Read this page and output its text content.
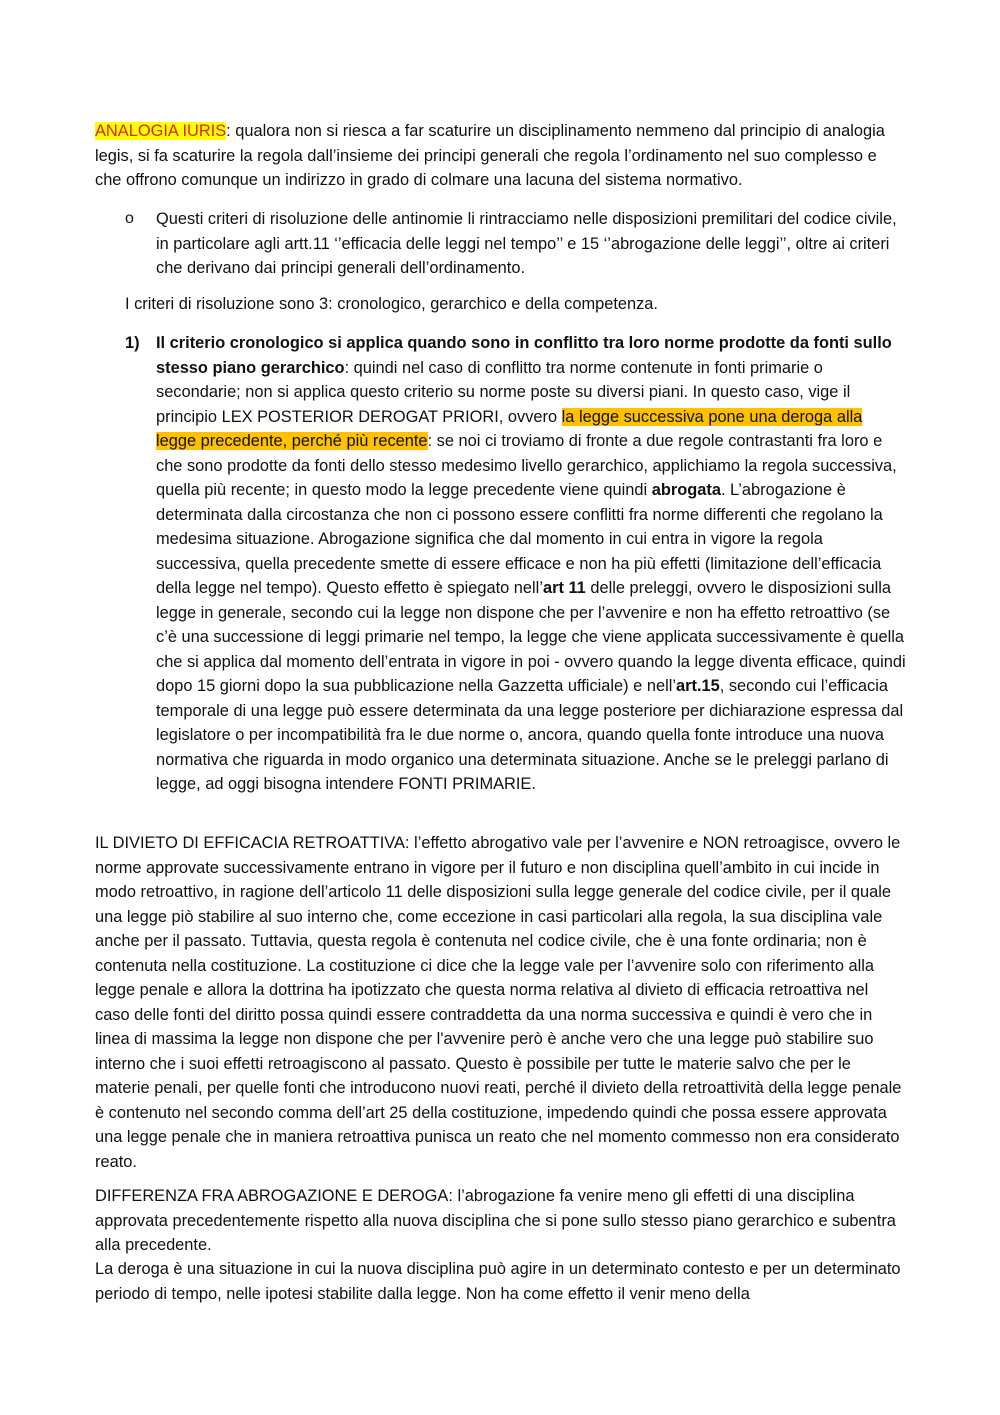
ANALOGIA IURIS: qualora non si riesca a far scaturire un disciplinamento nemmeno dal principio di analogia legis, si fa scaturire la regola dall’insieme dei principi generali che regola l’ordinamento nel suo complesso e che offrono comunque un indirizzo in grado di colmare una lacuna del sistema normativo.

o Questi criteri di risoluzione delle antinomie li rintracciamo nelle disposizioni premilitari del codice civile, in particolare agli artt.11 ‘’efficacia delle leggi nel tempo’’ e 15 ‘’abrogazione delle leggi’’, oltre ai criteri che derivano dai principi generali dell’ordinamento.

I criteri di risoluzione sono 3: cronologico, gerarchico e della competenza.

1) Il criterio cronologico si applica quando sono in conflitto tra loro norme prodotte da fonti sullo stesso piano gerarchico: quindi nel caso di conflitto tra norme contenute in fonti primarie o secondarie; non si applica questo criterio su norme poste su diversi piani. In questo caso, vige il principio LEX POSTERIOR DEROGAT PRIORI, ovvero la legge successiva pone una deroga alla legge precedente, perché più recente: se noi ci troviamo di fronte a due regole contrastanti fra loro e che sono prodotte da fonti dello stesso medesimo livello gerarchico, applichiamo la regola successiva, quella più recente; in questo modo la legge precedente viene quindi abrogata. L’abrogazione è determinata dalla circostanza che non ci possono essere conflitti fra norme differenti che regolano la medesima situazione. Abrogazione significa che dal momento in cui entra in vigore la regola successiva, quella precedente smette di essere efficace e non ha più effetti (limitazione dell’efficacia della legge nel tempo). Questo effetto è spiegato nell’art 11 delle preleggi, ovvero le disposizioni sulla legge in generale, secondo cui la legge non dispone che per l’avvenire e non ha effetto retroattivo (se c’è una successione di leggi primarie nel tempo, la legge che viene applicata successivamente è quella che si applica dal momento dell’entrata in vigore in poi - ovvero quando la legge diventa efficace, quindi dopo 15 giorni dopo la sua pubblicazione nella Gazzetta ufficiale) e nell’art.15, secondo cui l’efficacia temporale di una legge può essere determinata da una legge posteriore per dichiarazione espressa dal legislatore o per incompatibilità fra le due norme o, ancora, quando quella fonte introduce una nuova normativa che riguarda in modo organico una determinata situazione. Anche se le preleggi parlano di legge, ad oggi bisogna intendere FONTI PRIMARIE.

IL DIVIETO DI EFFICACIA RETROATTIVA: l’effetto abrogativo vale per l’avvenire e NON retroagisce, ovvero le norme approvate successivamente entrano in vigore per il futuro e non disciplina quell’ambito in cui incide in modo retroattivo, in ragione dell’articolo 11 delle disposizioni sulla legge generale del codice civile, per il quale una legge piò stabilire al suo interno che, come eccezione in casi particolari alla regola, la sua disciplina vale anche per il passato. Tuttavia, questa regola è contenuta nel codice civile, che è una fonte ordinaria; non è contenuta nella costituzione. La costituzione ci dice che la legge vale per l’avvenire solo con riferimento alla legge penale e allora la dottrina ha ipotizzato che questa norma relativa al divieto di efficacia retroattiva nel caso delle fonti del diritto possa quindi essere contraddetta da una norma successiva e quindi è vero che in linea di massima la legge non dispone che per l'avvenire però è anche vero che una legge può stabilire suo interno che i suoi effetti retroagiscono al passato. Questo è possibile per tutte le materie salvo che per le materie penali, per quelle fonti che introducono nuovi reati, perché il divieto della retroattività della legge penale è contenuto nel secondo comma dell’art 25 della costituzione, impedendo quindi che possa essere approvata una legge penale che in maniera retroattiva punisca un reato che nel momento commesso non era considerato reato.

DIFFERENZA FRA ABROGAZIONE E DEROGA: l’abrogazione fa venire meno gli effetti di una disciplina approvata precedentemente rispetto alla nuova disciplina che si pone sullo stesso piano gerarchico e subentra alla precedente.

La deroga è una situazione in cui la nuova disciplina può agire in un determinato contesto e per un determinato periodo di tempo, nelle ipotesi stabilite dalla legge. Non ha come effetto il venir meno della
